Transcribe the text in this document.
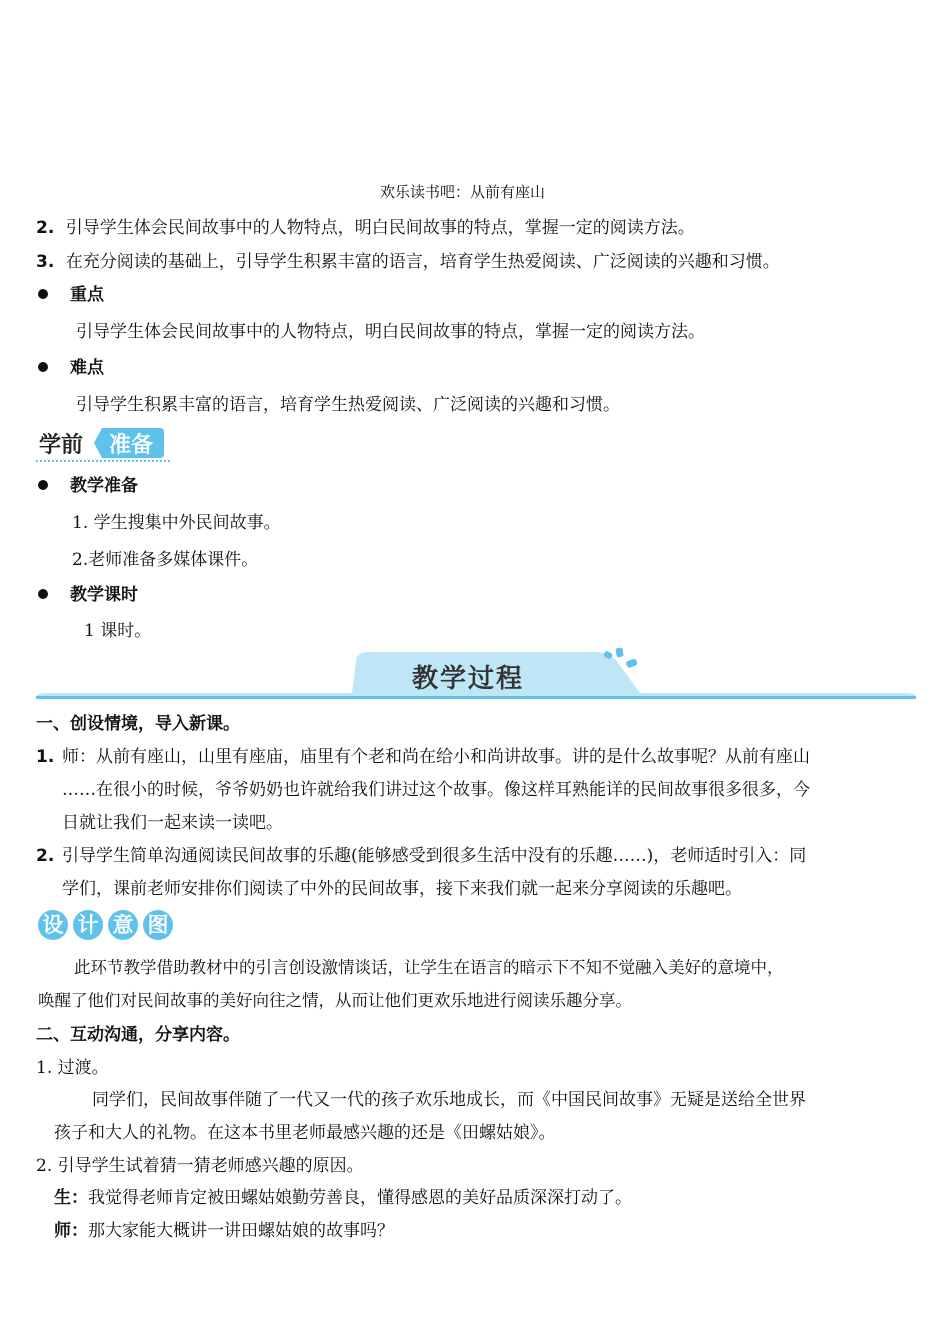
欢乐读书吧：从前有座山
2. 引导学生体会民间故事中的人物特点，明白民间故事的特点，掌握一定的阅读方法。
3. 在充分阅读的基础上，引导学生积累丰富的语言，培育学生热爱阅读、广泛阅读的兴趣和习惯。
重点
引导学生体会民间故事中的人物特点，明白民间故事的特点，掌握一定的阅读方法。
难点
引导学生积累丰富的语言，培育学生热爱阅读、广泛阅读的兴趣和习惯。
学前 准备
教学准备
1. 学生搜集中外民间故事。
2.老师准备多媒体课件。
教学课时
1 课时。
教学过程
一、创设情境，导入新课。
1. 师：从前有座山，山里有座庙，庙里有个老和尚在给小和尚讲故事。讲的是什么故事呢？从前有座山
……在很小的时候，爷爷奶奶也许就给我们讲过这个故事。像这样耳熟能详的民间故事很多很多，今
日就让我们一起来读一读吧。
2. 引导学生简单沟通阅读民间故事的乐趣(能够感受到很多生活中没有的乐趣……)，老师适时引入：同
学们，课前老师安排你们阅读了中外的民间故事，接下来我们就一起来分享阅读的乐趣吧。
设 计 意 图
此环节教学借助教材中的引言创设激情谈话，让学生在语言的暗示下不知不觉融入美好的意境中，
唤醒了他们对民间故事的美好向往之情，从而让他们更欢乐地进行阅读乐趣分享。
二、互动沟通，分享内容。
1. 过渡。
同学们，民间故事伴随了一代又一代的孩子欢乐地成长，而《中国民间故事》无疑是送给全世界
孩子和大人的礼物。在这本书里老师最感兴趣的还是《田螺姑娘》。
2. 引导学生试着猜一猜老师感兴趣的原因。
生：我觉得老师肯定被田螺姑娘勤劳善良，懂得感恩的美好品质深深打动了。
师：那大家能大概讲一讲田螺姑娘的故事吗？
